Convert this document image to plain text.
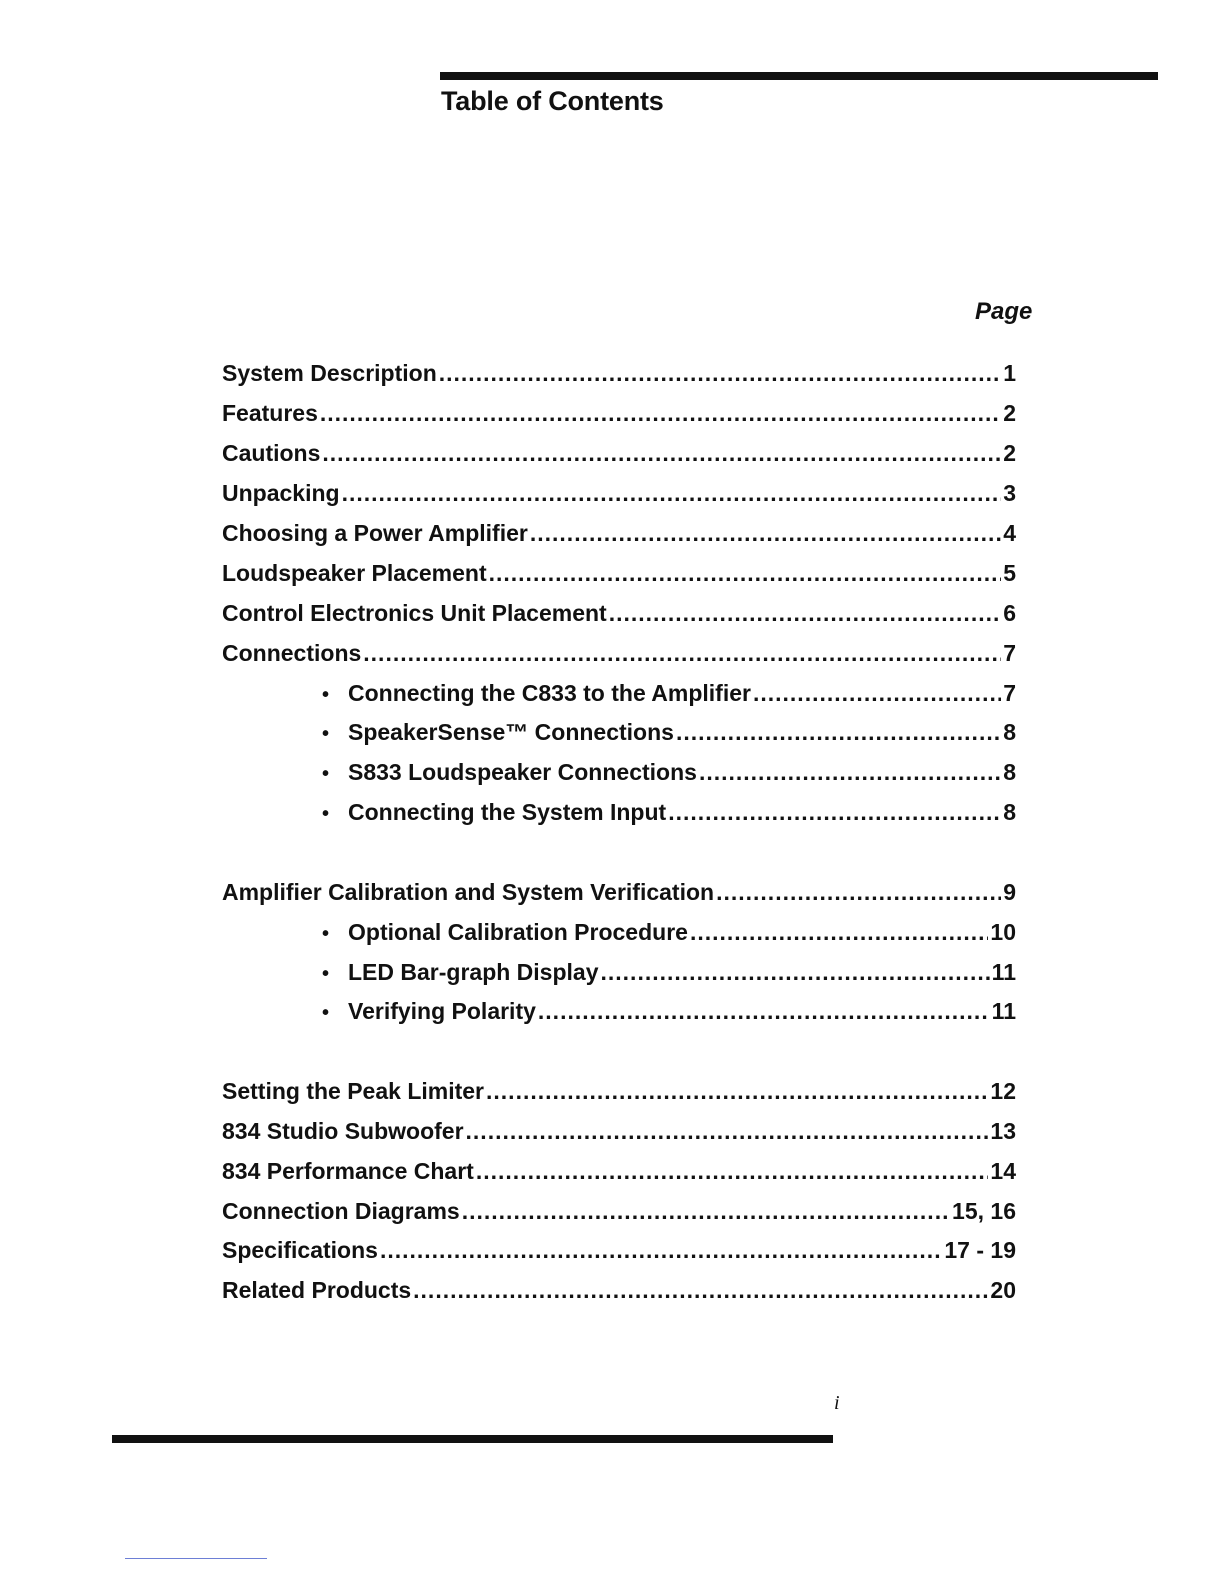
Table of Contents
Page
System Description .....	1
Features .....	2
Cautions .....	2
Unpacking .....	3
Choosing a Power Amplifier .....	4
Loudspeaker Placement .....	5
Control Electronics Unit Placement .....	6
Connections .....	7
• Connecting the C833 to the Amplifier .....	7
• SpeakerSense™ Connections .....	8
• S833 Loudspeaker Connections .....	8
• Connecting the System Input .....	8
Amplifier Calibration and System Verification .....	9
• Optional Calibration Procedure .....	10
• LED Bar-graph Display .....	11
• Verifying Polarity .....	11
Setting the Peak Limiter .....	12
834 Studio Subwoofer .....	13
834 Performance Chart .....	14
Connection Diagrams .....	15, 16
Specifications .....	17 - 19
Related Products .....	20
i
